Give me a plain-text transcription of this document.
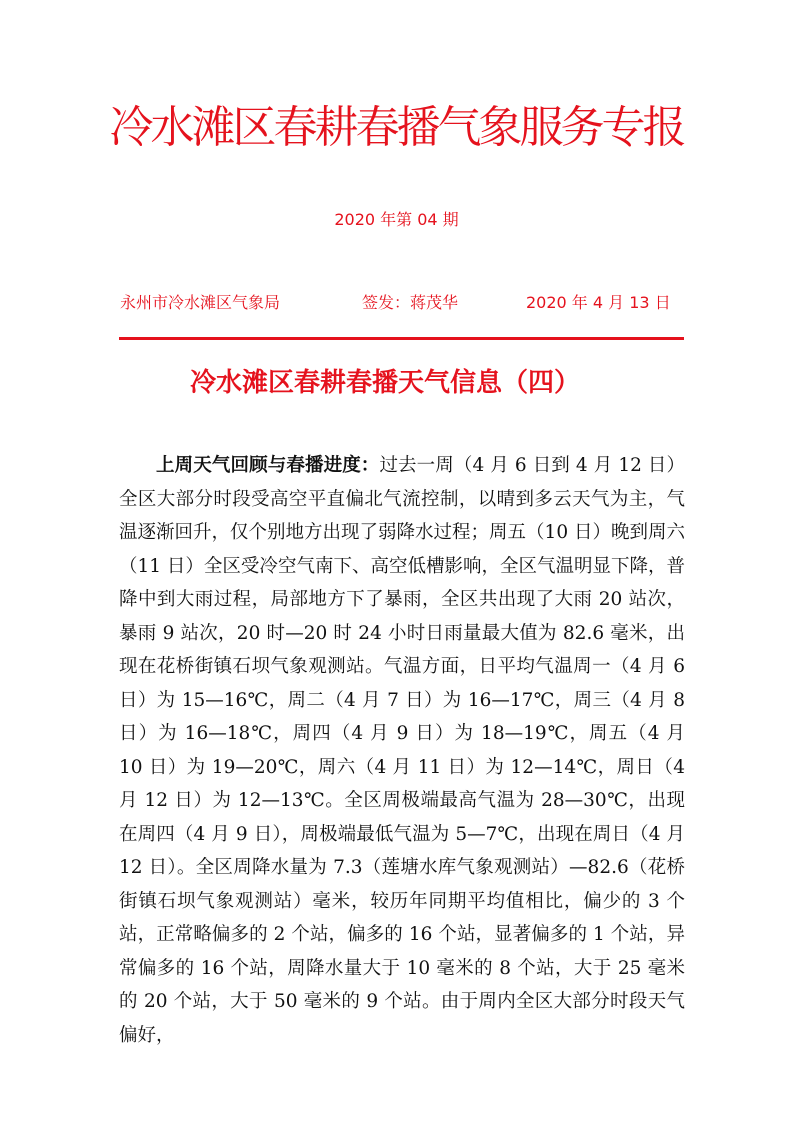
冷水滩区春耕春播气象服务专报
2020 年第 04 期
永州市冷水滩区气象局	签发：蒋茂华	2020 年 4 月 13 日
冷水滩区春耕春播天气信息（四）

上周天气回顾与春播进度：过去一周（4 月 6 日到 4 月 12 日）全区大部分时段受高空平直偏北气流控制，以晴到多云天气为主，气温逐渐回升，仅个别地方出现了弱降水过程；周五（10 日）晚到周六（11 日）全区受冷空气南下、高空低槽影响，全区气温明显下降，普降中到大雨过程，局部地方下了暴雨，全区共出现了大雨 20 站次，暴雨 9 站次，20 时—20 时 24 小时日雨量最大值为 82.6 毫米，出现在花桥街镇石坝气象观测站。气温方面，日平均气温周一（4 月 6 日）为 15—16℃，周二（4 月 7 日）为 16—17℃，周三（4 月 8 日）为 16—18℃，周四（4 月 9 日）为 18—19℃，周五（4 月 10 日）为 19—20℃，周六（4 月 11 日）为 12—14℃，周日（4 月 12 日）为 12—13℃。全区周极端最高气温为 28—30℃，出现在周四（4 月 9 日），周极端最低气温为 5—7℃，出现在周日（4 月 12 日）。全区周降水量为 7.3（莲塘水库气象观测站）—82.6（花桥街镇石坝气象观测站）毫米，较历年同期平均值相比，偏少的 3 个站，正常略偏多的 2 个站，偏多的 16 个站，显著偏多的 1 个站，异常偏多的 16 个站，周降水量大于 10 毫米的 8 个站，大于 25 毫米的 20 个站，大于 50 毫米的 9 个站。由于周内全区大部分时段天气偏好，
